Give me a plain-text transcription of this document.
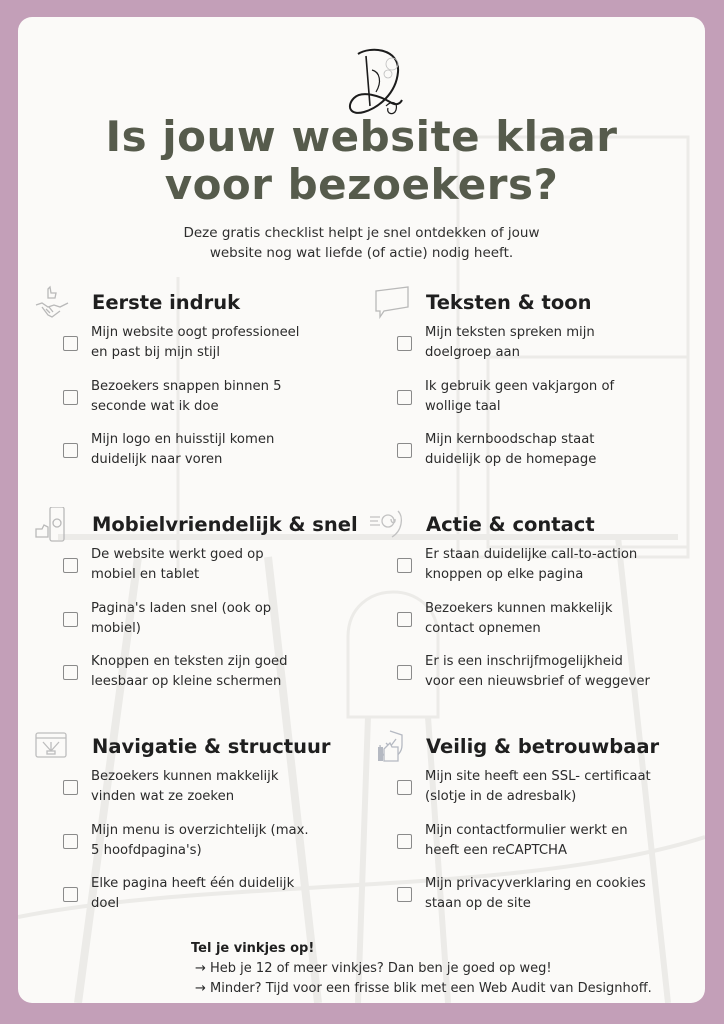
Is jouw website klaar
voor bezoekers?
Deze gratis checklist helpt je snel ontdekken of jouw
website nog wat liefde (of actie) nodig heeft.
Eerste indruk
Mijn website oogt professioneel
en past bij mijn stijl
Bezoekers snappen binnen 5
seconde wat ik doe
Mijn logo en huisstijl komen
duidelijk naar voren
Teksten & toon
Mijn teksten spreken mijn
doelgroep aan
Ik gebruik geen vakjargon of
wollige taal
Mijn kernboodschap staat
duidelijk op de homepage
Mobielvriendelijk & snel
De website werkt goed op
mobiel en tablet
Pagina's laden snel (ook op
mobiel)
Knoppen en teksten zijn goed
leesbaar op kleine schermen
Actie & contact
Er staan duidelijke call-to-action
knoppen op elke pagina
Bezoekers kunnen makkelijk
contact opnemen
Er is een inschrijfmogelijkheid
voor een nieuwsbrief of weggever
Navigatie & structuur
Bezoekers kunnen makkelijk
vinden wat ze zoeken
Mijn menu is overzichtelijk (max.
5 hoofdpagina's)
Elke pagina heeft één duidelijk
doel
Veilig & betrouwbaar
Mijn site heeft een SSL- certificaat
(slotje in de adresbalk)
Mijn contactformulier werkt en
heeft een reCAPTCHA
Mijn privacyverklaring en cookies
staan op de site
Tel je vinkjes op!
→ Heb je 12 of meer vinkjes? Dan ben je goed op weg!
→ Minder? Tijd voor een frisse blik met een Web Audit van Designhoff.
